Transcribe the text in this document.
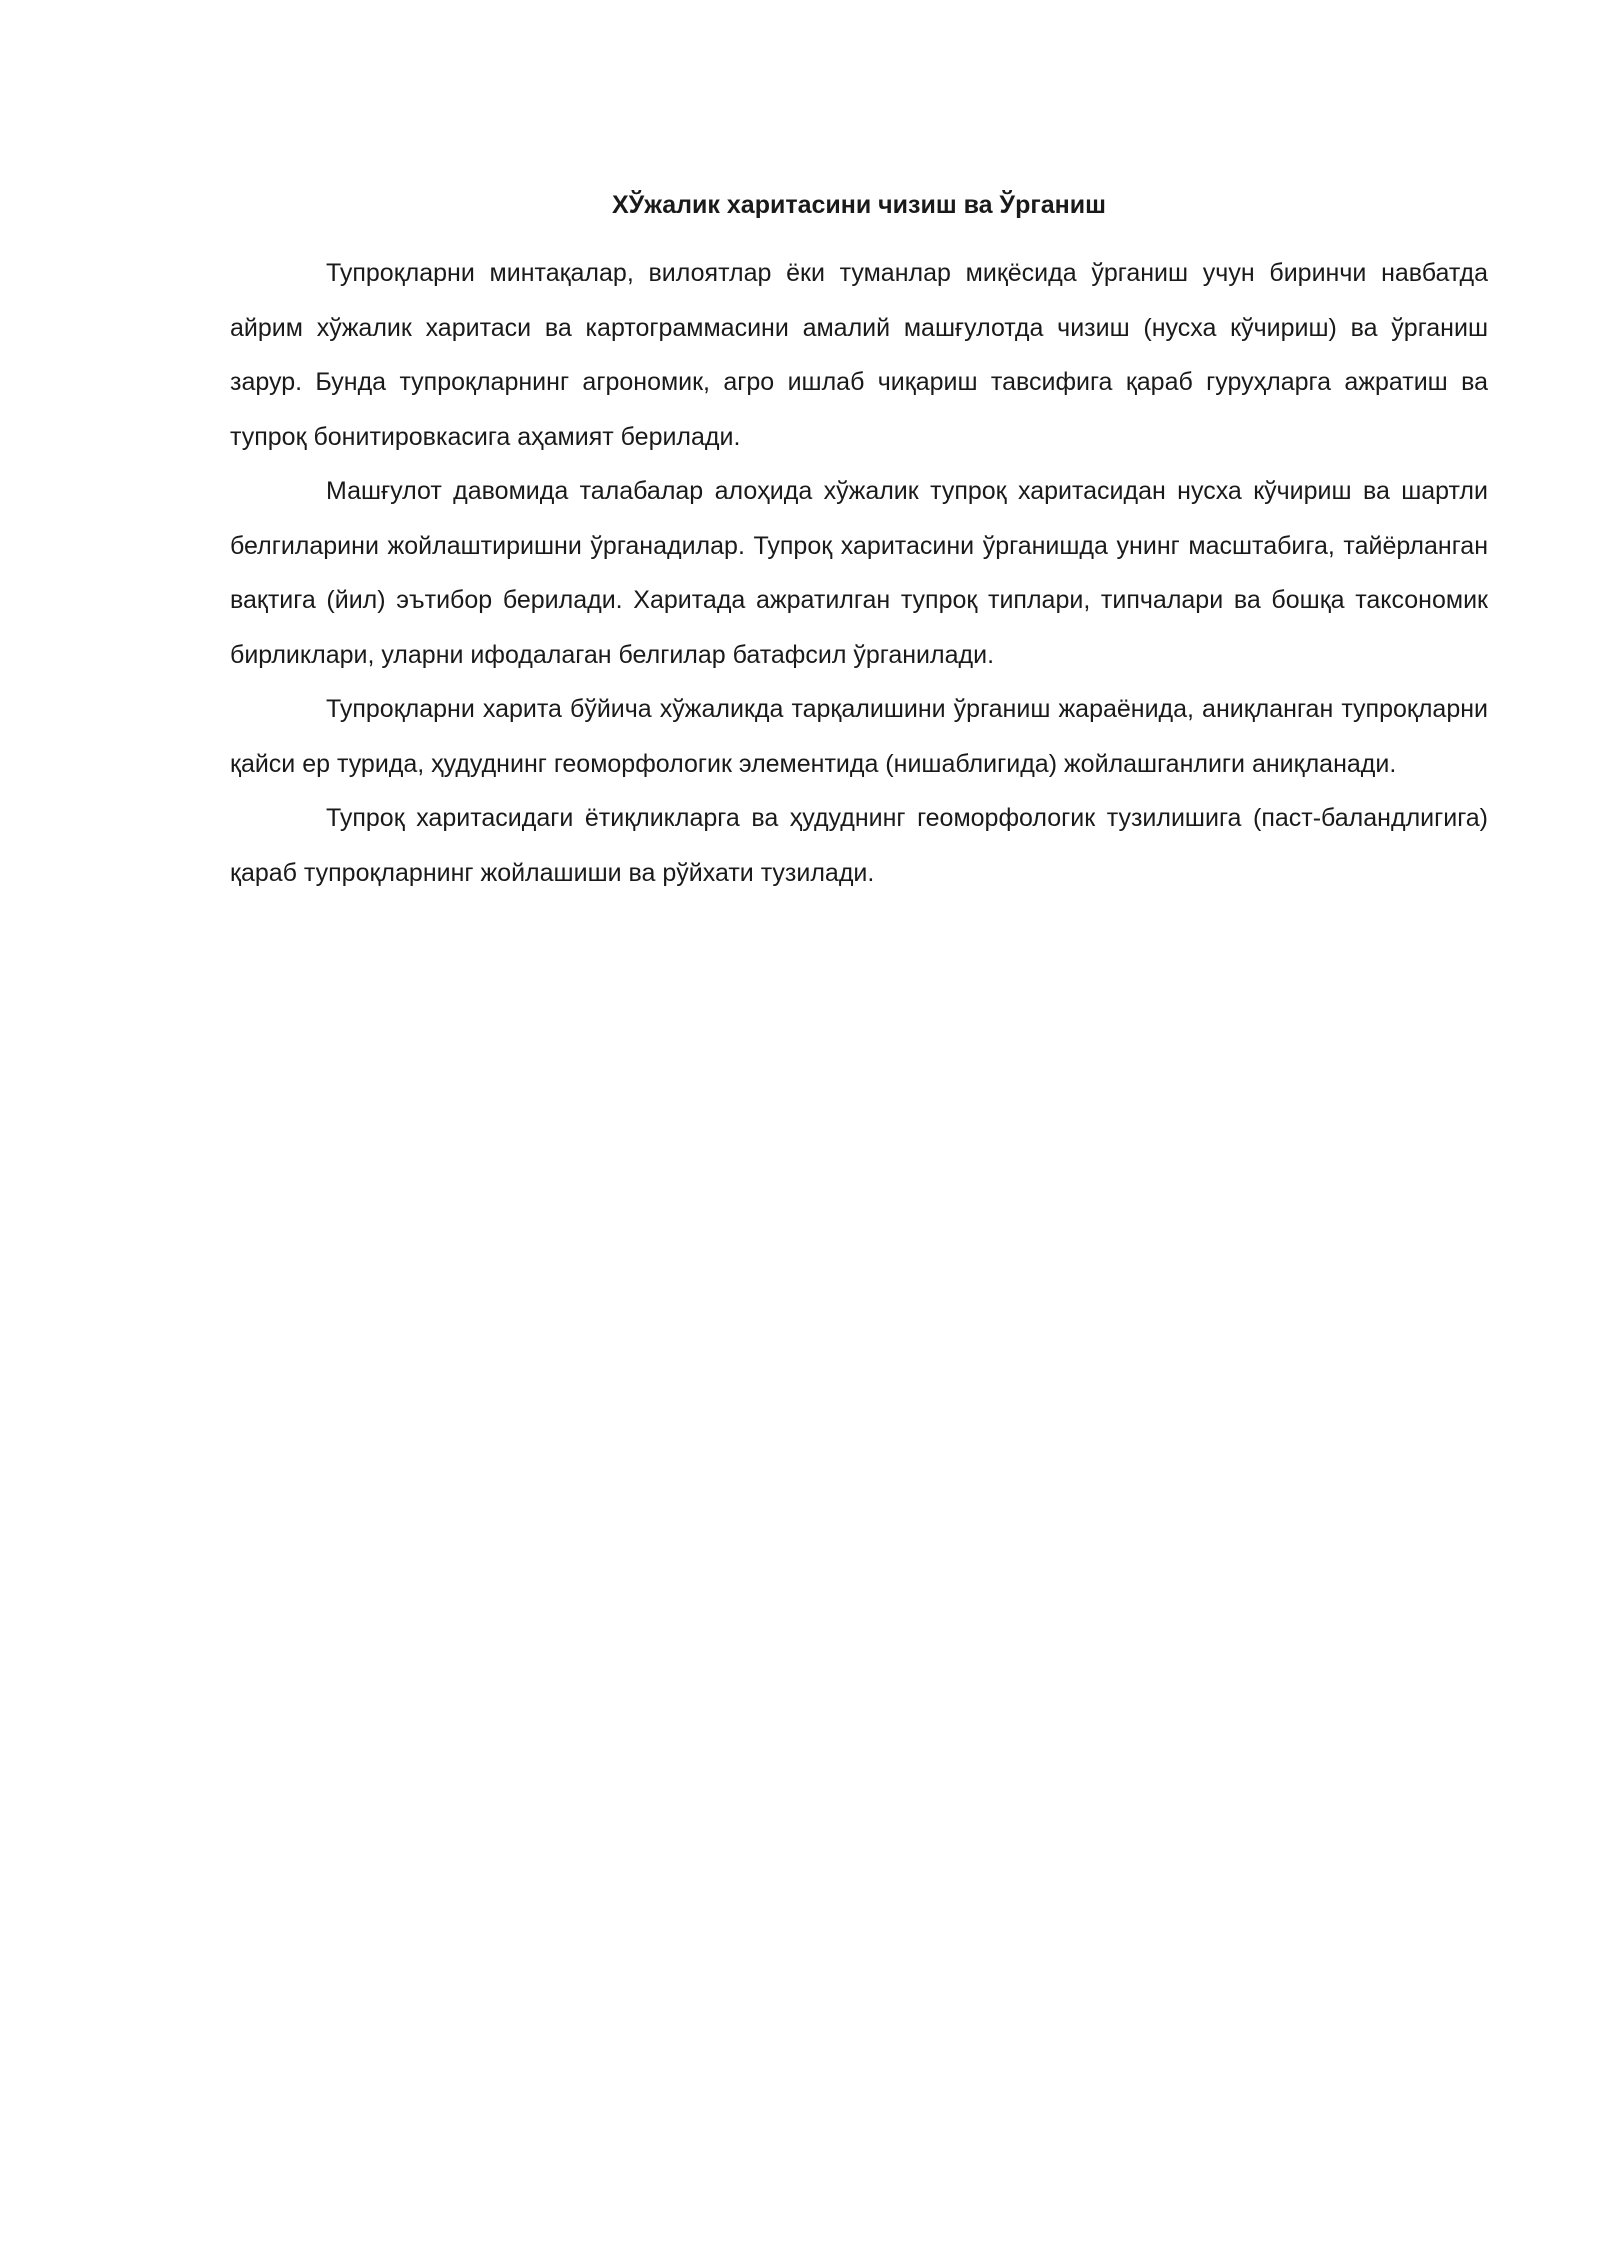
ХЎжалик харитасини чизиш ва Ўрганиш

Тупроқларни минтақалар, вилоятлар ёки туманлар миқёсида ўрганиш учун биринчи навбатда айрим хўжалик харитаси ва картограммасини амалий машғулотда чизиш (нусха кўчириш) ва ўрганиш зарур. Бунда тупроқларнинг агрономик, агро ишлаб чиқариш тавсифига қараб гуруҳларга ажратиш ва тупроқ бонитировкасига аҳамият берилади.

Машғулот давомида талабалар алоҳида хўжалик тупроқ харитасидан нусха кўчириш ва шартли белгиларини жойлаштиришни ўрганадилар. Тупроқ харитасини ўрганишда унинг масштабига, тайёрланган вақтига (йил) эътибор берилади. Харитада ажратилган тупроқ типлари, типчалари ва бошқа таксономик бирликлари, уларни ифодалаган белгилар батафсил ўрганилади.

Тупроқларни харита бўйича хўжаликда тарқалишини ўрганиш жараёнида, аниқланган тупроқларни қайси ер турида, ҳудуднинг геоморфологик элементида (нишаблигида) жойлашганлиги аниқланади.

Тупроқ харитасидаги ётиқликларга ва ҳудуднинг геоморфологик тузилишига (паст-баландлигига) қараб тупроқларнинг жойлашиши ва рўйхати тузилади.
